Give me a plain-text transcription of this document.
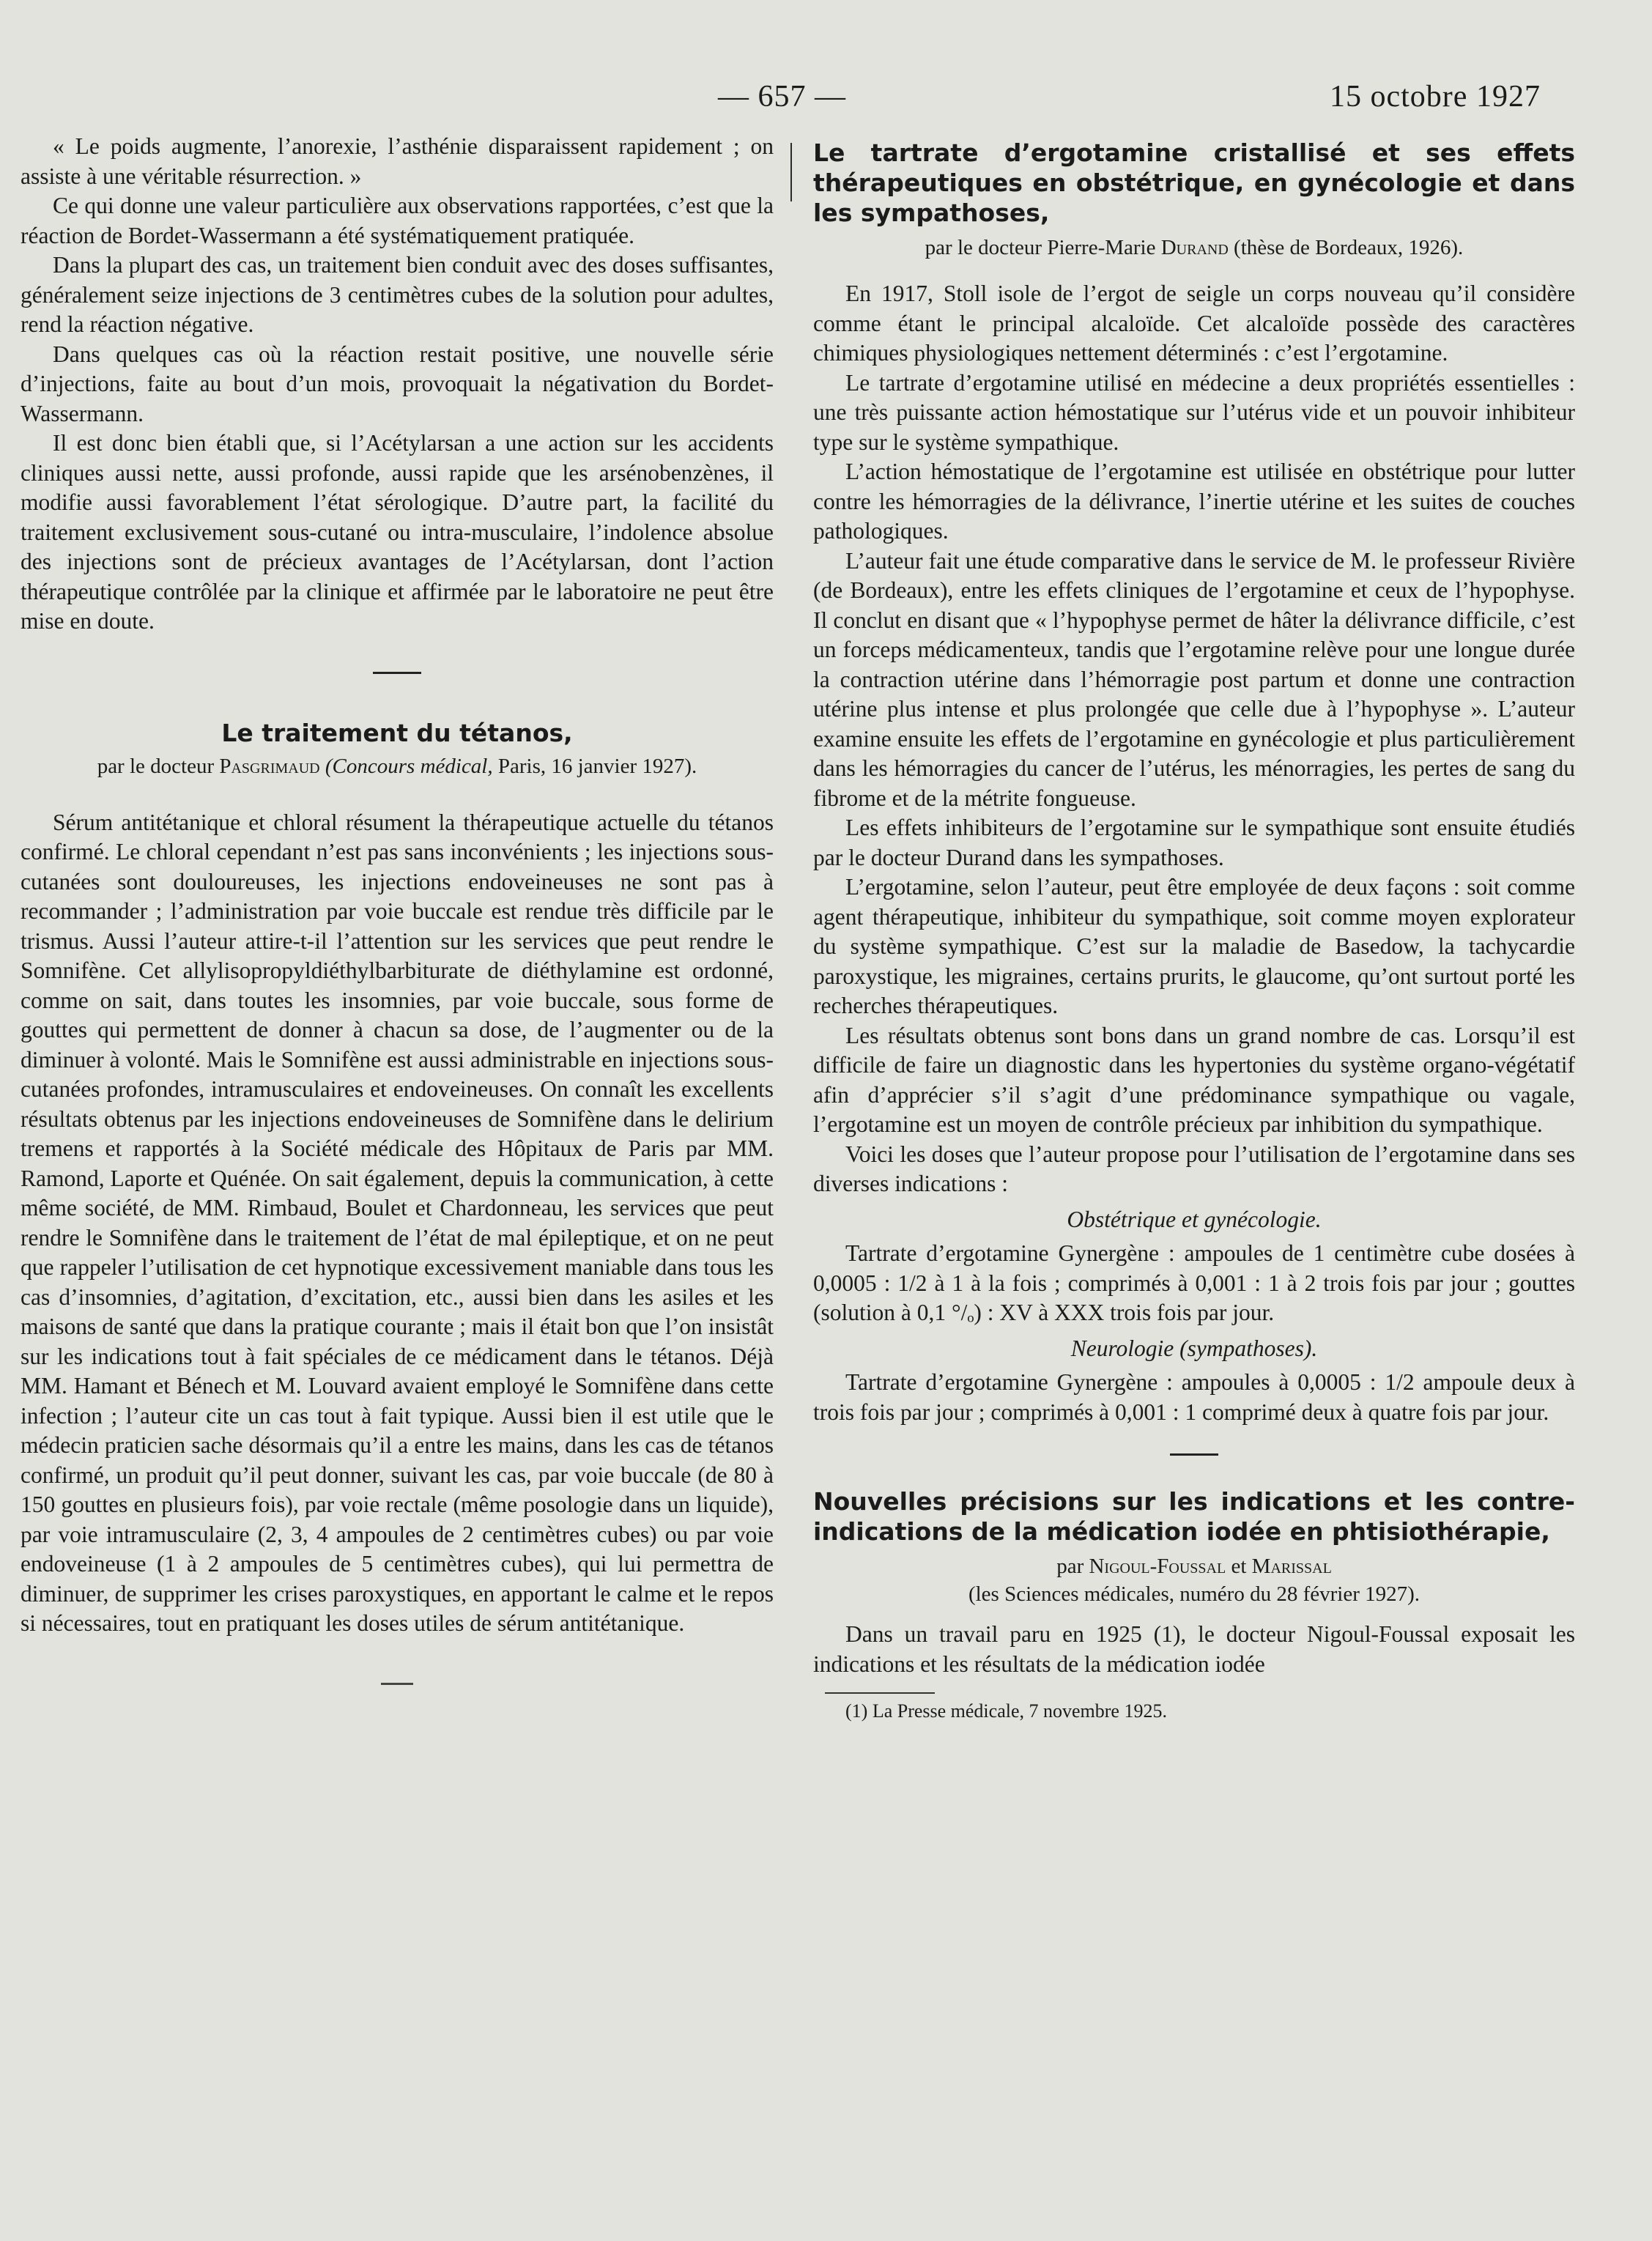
— 657 —	15 octobre 1927

« Le poids augmente, l’anorexie, l’asthénie disparaissent rapidement ; on assiste à une véritable résurrection. »

Ce qui donne une valeur particulière aux observations rapportées, c’est que la réaction de Bordet-Wassermann a été systématiquement pratiquée.

Dans la plupart des cas, un traitement bien conduit avec des doses suffisantes, généralement seize injections de 3 centimètres cubes de la solution pour adultes, rend la réaction négative.

Dans quelques cas où la réaction restait positive, une nouvelle série d’injections, faite au bout d’un mois, provoquait la négativation du Bordet-Wassermann.

Il est donc bien établi que, si l’Acétylarsan a une action sur les accidents cliniques aussi nette, aussi profonde, aussi rapide que les arsénobenzènes, il modifie aussi favorablement l’état sérologique. D’autre part, la facilité du traitement exclusivement sous-cutané ou intra-musculaire, l’indolence absolue des injections sont de précieux avantages de l’Acétylarsan, dont l’action thérapeutique contrôlée par la clinique et affirmée par le laboratoire ne peut être mise en doute.

Le traitement du tétanos,
par le docteur Pasgrimaud (Concours médical, Paris, 16 janvier 1927).

Sérum antitétanique et chloral résument la thérapeutique actuelle du tétanos confirmé. Le chloral cependant n’est pas sans inconvénients ; les injections sous-cutanées sont douloureuses, les injections endoveineuses ne sont pas à recommander ; l’administration par voie buccale est rendue très difficile par le trismus. Aussi l’auteur attire-t-il l’attention sur les services que peut rendre le Somnifène. Cet allylisopropyldiéthylbarbiturate de diéthylamine est ordonné, comme on sait, dans toutes les insomnies, par voie buccale, sous forme de gouttes qui permettent de donner à chacun sa dose, de l’augmenter ou de la diminuer à volonté. Mais le Somnifène est aussi administrable en injections sous-cutanées profondes, intramusculaires et endoveineuses. On connaît les excellents résultats obtenus par les injections endoveineuses de Somnifène dans le delirium tremens et rapportés à la Société médicale des Hôpitaux de Paris par MM. Ramond, Laporte et Quénée. On sait également, depuis la communication, à cette même société, de MM. Rimbaud, Boulet et Chardonneau, les services que peut rendre le Somnifène dans le traitement de l’état de mal épileptique, et on ne peut que rappeler l’utilisation de cet hypnotique excessivement maniable dans tous les cas d’insomnies, d’agitation, d’excitation, etc., aussi bien dans les asiles et les maisons de santé que dans la pratique courante ; mais il était bon que l’on insistât sur les indications tout à fait spéciales de ce médicament dans le tétanos. Déjà MM. Hamant et Bénech et M. Louvard avaient employé le Somnifène dans cette infection ; l’auteur cite un cas tout à fait typique. Aussi bien il est utile que le médecin praticien sache désormais qu’il a entre les mains, dans les cas de tétanos confirmé, un produit qu’il peut donner, suivant les cas, par voie buccale (de 80 à 150 gouttes en plusieurs fois), par voie rectale (même posologie dans un liquide), par voie intramusculaire (2, 3, 4 ampoules de 2 centimètres cubes) ou par voie endoveineuse (1 à 2 ampoules de 5 centimètres cubes), qui lui permettra de diminuer, de supprimer les crises paroxystiques, en apportant le calme et le repos si nécessaires, tout en pratiquant les doses utiles de sérum antitétanique.

Le tartrate d’ergotamine cristallisé et ses effets thérapeutiques en obstétrique, en gynécologie et dans les sympathoses,
par le docteur Pierre-Marie Durand (thèse de Bordeaux, 1926).

En 1917, Stoll isole de l’ergot de seigle un corps nouveau qu’il considère comme étant le principal alcaloïde. Cet alcaloïde possède des caractères chimiques physiologiques nettement déterminés : c’est l’ergotamine.

Le tartrate d’ergotamine utilisé en médecine a deux propriétés essentielles : une très puissante action hémostatique sur l’utérus vide et un pouvoir inhibiteur type sur le système sympathique.

L’action hémostatique de l’ergotamine est utilisée en obstétrique pour lutter contre les hémorragies de la délivrance, l’inertie utérine et les suites de couches pathologiques.

L’auteur fait une étude comparative dans le service de M. le professeur Rivière (de Bordeaux), entre les effets cliniques de l’ergotamine et ceux de l’hypophyse. Il conclut en disant que « l’hypophyse permet de hâter la délivrance difficile, c’est un forceps médicamenteux, tandis que l’ergotamine relève pour une longue durée la contraction utérine dans l’hémorragie post partum et donne une contraction utérine plus intense et plus prolongée que celle due à l’hypophyse ». L’auteur examine ensuite les effets de l’ergotamine en gynécologie et plus particulièrement dans les hémorragies du cancer de l’utérus, les ménorragies, les pertes de sang du fibrome et de la métrite fongueuse.

Les effets inhibiteurs de l’ergotamine sur le sympathique sont ensuite étudiés par le docteur Durand dans les sympathoses.

L’ergotamine, selon l’auteur, peut être employée de deux façons : soit comme agent thérapeutique, inhibiteur du sympathique, soit comme moyen explorateur du système sympathique. C’est sur la maladie de Basedow, la tachycardie paroxystique, les migraines, certains prurits, le glaucome, qu’ont surtout porté les recherches thérapeutiques.

Les résultats obtenus sont bons dans un grand nombre de cas. Lorsqu’il est difficile de faire un diagnostic dans les hypertonies du système organo-végétatif afin d’apprécier s’il s’agit d’une prédominance sympathique ou vagale, l’ergotamine est un moyen de contrôle précieux par inhibition du sympathique.

Voici les doses que l’auteur propose pour l’utilisation de l’ergotamine dans ses diverses indications :

Obstétrique et gynécologie.

Tartrate d’ergotamine Gynergène : ampoules de 1 centimètre cube dosées à 0,0005 : 1/2 à 1 à la fois ; comprimés à 0,001 : 1 à 2 trois fois par jour ; gouttes (solution à 0,1 °/ₒ) : XV à XXX trois fois par jour.

Neurologie (sympathoses).

Tartrate d’ergotamine Gynergène : ampoules à 0,0005 : 1/2 ampoule deux à trois fois par jour ; comprimés à 0,001 : 1 comprimé deux à quatre fois par jour.

Nouvelles précisions sur les indications et les contre-indications de la médication iodée en phtisiothérapie,
par Nigoul-Foussal et Marissal
(les Sciences médicales, numéro du 28 février 1927).

Dans un travail paru en 1925 (1), le docteur Nigoul-Foussal exposait les indications et les résultats de la médication iodée

(1) La Presse médicale, 7 novembre 1925.
